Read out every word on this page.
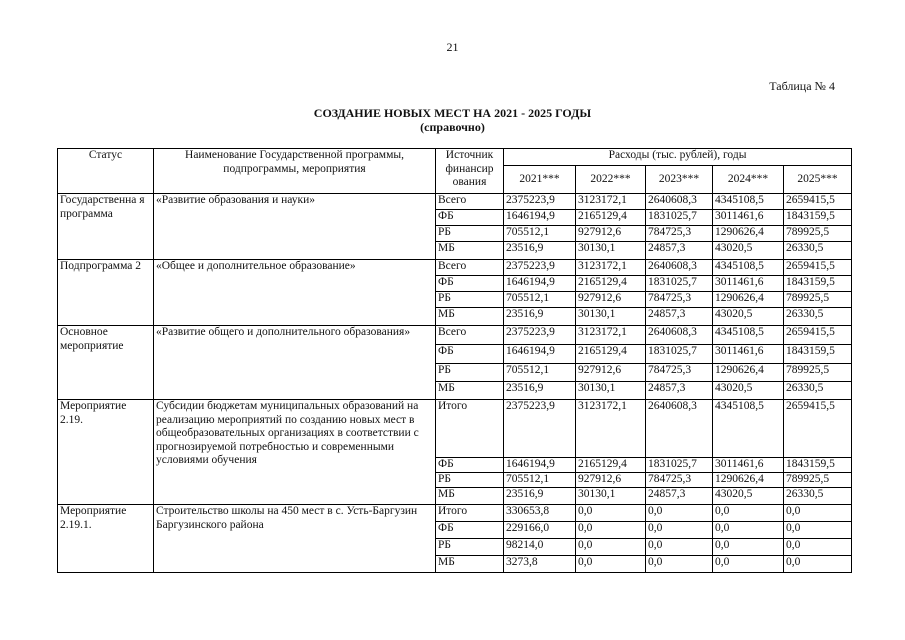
21
Таблица № 4
СОЗДАНИЕ НОВЫХ МЕСТ НА 2021 - 2025 ГОДЫ
(справочно)
Статус	Наименование Государственной программы, подпрограммы, мероприятия	Источник финансир ования	Расходы (тыс. рублей), годы				
			2021***	2022***	2023***	2024***	2025***
Государственна я программа	«Развитие образования и науки»	Всего	2375223,9	3123172,1	2640608,3	4345108,5	2659415,5
		ФБ	1646194,9	2165129,4	1831025,7	3011461,6	1843159,5
		РБ	705512,1	927912,6	784725,3	1290626,4	789925,5
		МБ	23516,9	30130,1	24857,3	43020,5	26330,5
Подпрограмма 2	«Общее и дополнительное образование»	Всего	2375223,9	3123172,1	2640608,3	4345108,5	2659415,5
		ФБ	1646194,9	2165129,4	1831025,7	3011461,6	1843159,5
		РБ	705512,1	927912,6	784725,3	1290626,4	789925,5
		МБ	23516,9	30130,1	24857,3	43020,5	26330,5
Основное мероприятие	«Развитие общего и дополнительного образования»	Всего	2375223,9	3123172,1	2640608,3	4345108,5	2659415,5
		ФБ	1646194,9	2165129,4	1831025,7	3011461,6	1843159,5
		РБ	705512,1	927912,6	784725,3	1290626,4	789925,5
		МБ	23516,9	30130,1	24857,3	43020,5	26330,5
Мероприятие 2.19.	Субсидии бюджетам муниципальных образований на реализацию мероприятий по созданию новых мест в общеобразовательных организациях в соответствии с прогнозируемой потребностью и современными условиями обучения	Итого	2375223,9	3123172,1	2640608,3	4345108,5	2659415,5
		ФБ	1646194,9	2165129,4	1831025,7	3011461,6	1843159,5
		РБ	705512,1	927912,6	784725,3	1290626,4	789925,5
		МБ	23516,9	30130,1	24857,3	43020,5	26330,5
Мероприятие 2.19.1.	Строительство школы на 450 мест в с. Усть-Баргузин Баргузинского района	Итого	330653,8	0,0	0,0	0,0	0,0
		ФБ	229166,0	0,0	0,0	0,0	0,0
		РБ	98214,0	0,0	0,0	0,0	0,0
		МБ	3273,8	0,0	0,0	0,0	0,0
